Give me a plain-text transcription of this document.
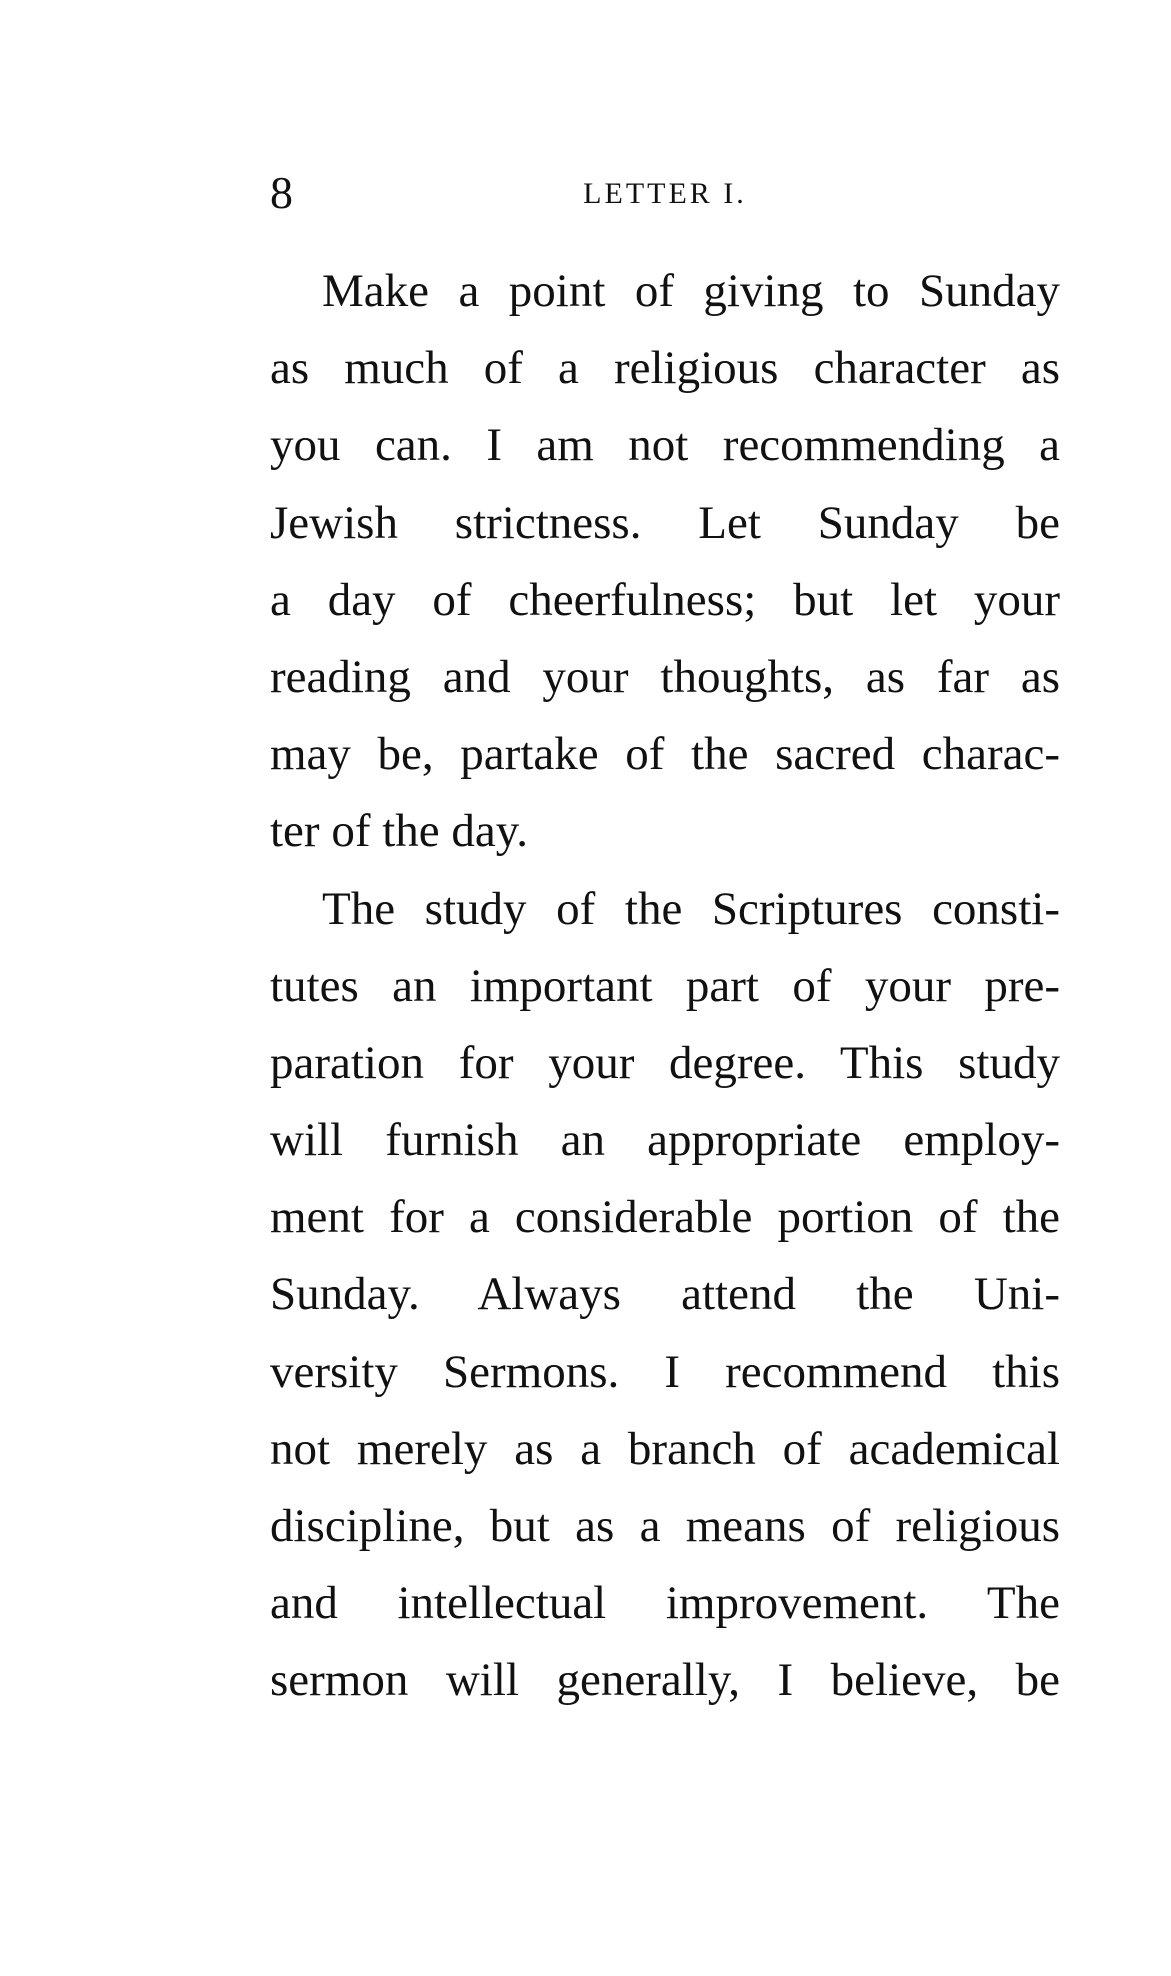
8	LETTER I.
Make a point of giving to Sunday
as much of a religious character as
you can. I am not recommending a
Jewish strictness. Let Sunday be
a day of cheerfulness; but let your
reading and your thoughts, as far as
may be, partake of the sacred charac-
ter of the day.
The study of the Scriptures consti-
tutes an important part of your pre-
paration for your degree. This study
will furnish an appropriate employ-
ment for a considerable portion of the
Sunday. Always attend the Uni-
versity Sermons. I recommend this
not merely as a branch of academical
discipline, but as a means of religious
and intellectual improvement. The
sermon will generally, I believe, be
